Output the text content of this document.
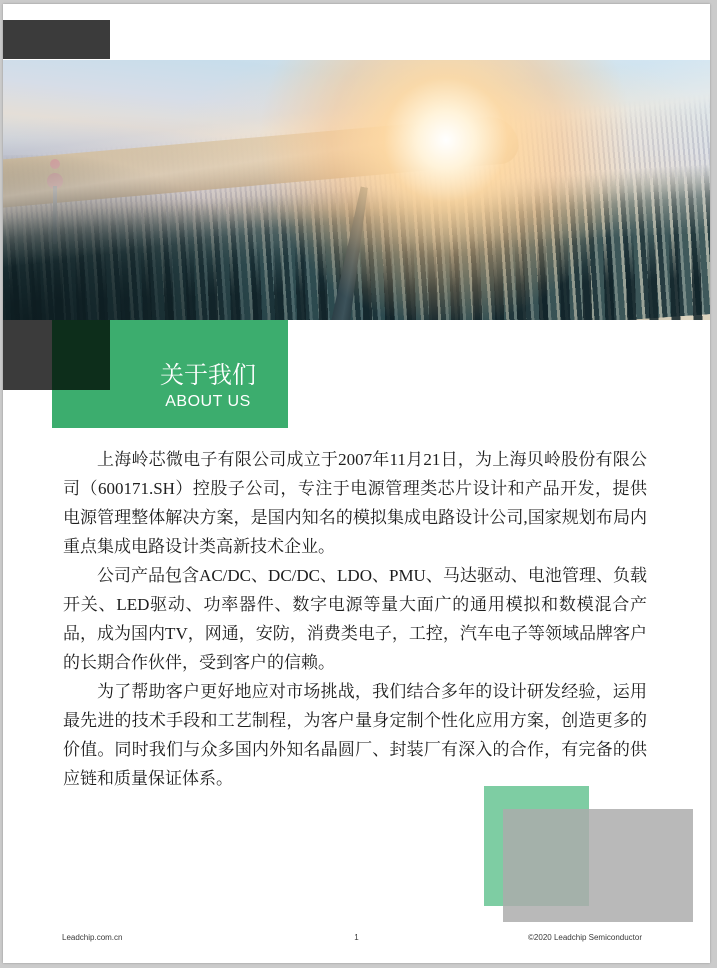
关于我们
ABOUT US

上海岭芯微电子有限公司成立于2007年11月21日，为上海贝岭股份有限公司（600171.SH）控股子公司，专注于电源管理类芯片设计和产品开发，提供电源管理整体解决方案，是国内知名的模拟集成电路设计公司,国家规划布局内重点集成电路设计类高新技术企业。

公司产品包含AC/DC、DC/DC、LDO、PMU、马达驱动、电池管理、负载开关、LED驱动、功率器件、数字电源等量大面广的通用模拟和数模混合产品，成为国内TV，网通，安防，消费类电子，工控，汽车电子等领域品牌客户的长期合作伙伴，受到客户的信赖。

为了帮助客户更好地应对市场挑战，我们结合多年的设计研发经验，运用最先进的技术手段和工艺制程，为客户量身定制个性化应用方案，创造更多的价值。同时我们与众多国内外知名晶圆厂、封装厂有深入的合作，有完备的供应链和质量保证体系。

Leadchip.com.cn	1	©2020 Leadchip Semiconductor
